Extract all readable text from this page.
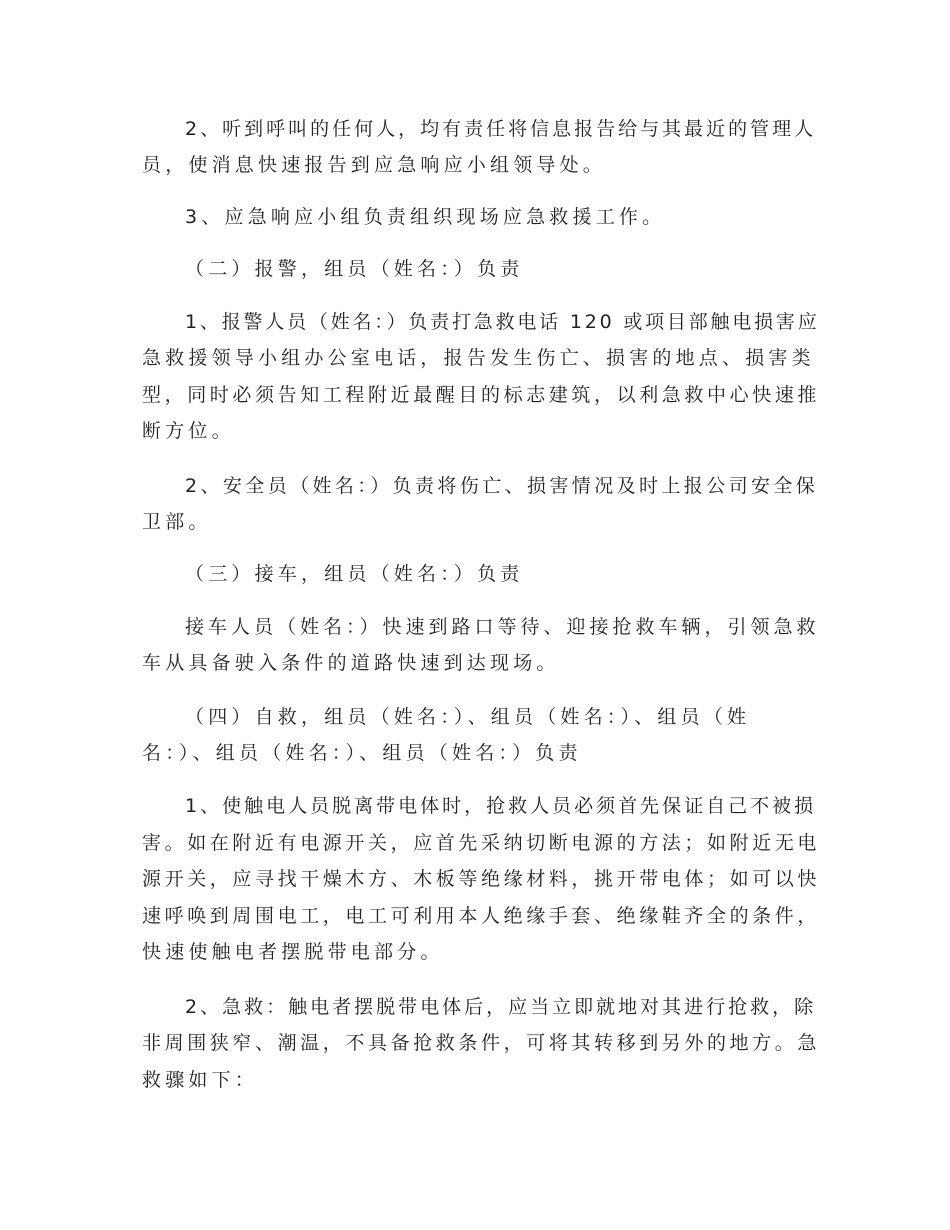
2、听到呼叫的任何人，均有责任将信息报告给与其最近的管理人
员，使消息快速报告到应急响应小组领导处。
3、应急响应小组负责组织现场应急救援工作。
（二）报警，组员（姓名：）负责
1、报警人员（姓名：）负责打急救电话 120 或项目部触电损害应
急救援领导小组办公室电话，报告发生伤亡、损害的地点、损害类
型，同时必须告知工程附近最醒目的标志建筑，以利急救中心快速推
断方位。
2、安全员（姓名：）负责将伤亡、损害情况及时上报公司安全保
卫部。
（三）接车，组员（姓名：）负责
接车人员（姓名：）快速到路口等待、迎接抢救车辆，引领急救
车从具备驶入条件的道路快速到达现场。
（四）自救，组员（姓名：）、组员（姓名：）、组员（姓
名：）、组员（姓名：）、组员（姓名：）负责
1、使触电人员脱离带电体时，抢救人员必须首先保证自己不被损
害。如在附近有电源开关，应首先采纳切断电源的方法；如附近无电
源开关，应寻找干燥木方、木板等绝缘材料，挑开带电体；如可以快
速呼唤到周围电工，电工可利用本人绝缘手套、绝缘鞋齐全的条件，
快速使触电者摆脱带电部分。
2、急救：触电者摆脱带电体后，应当立即就地对其进行抢救，除
非周围狭窄、潮温，不具备抢救条件，可将其转移到另外的地方。急
救骤如下：
